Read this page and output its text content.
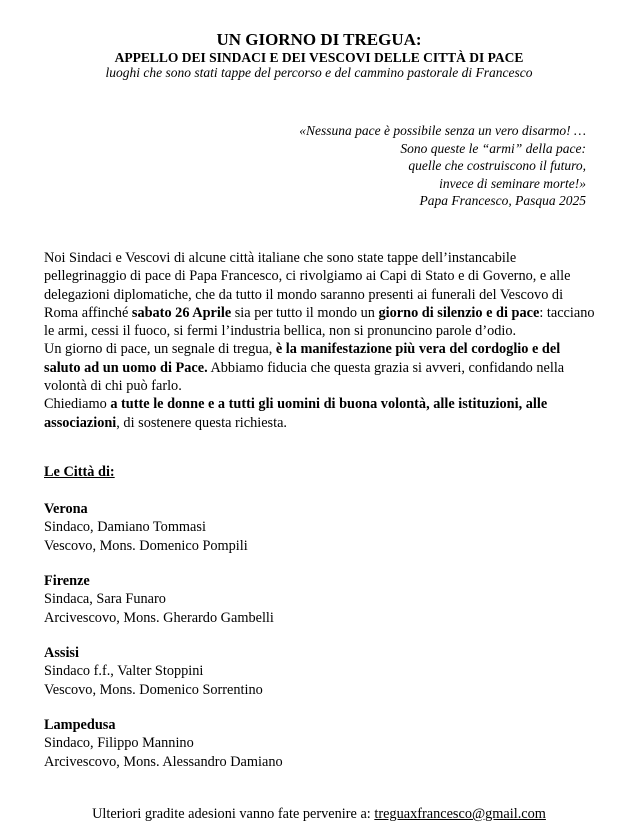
UN GIORNO DI TREGUA:
APPELLO DEI SINDACI E DEI VESCOVI DELLE CITTÀ DI PACE
luoghi che sono stati tappe del percorso e del cammino pastorale di Francesco
«Nessuna pace è possibile senza un vero disarmo! …
Sono queste le “armi” della pace:
quelle che costruiscono il futuro,
invece di seminare morte!»
Papa Francesco, Pasqua 2025

Noi Sindaci e Vescovi di alcune città italiane che sono state tappe dell’instancabile pellegrinaggio di pace di Papa Francesco, ci rivolgiamo ai Capi di Stato e di Governo, e alle delegazioni diplomatiche, che da tutto il mondo saranno presenti ai funerali del Vescovo di Roma affinché sabato 26 Aprile sia per tutto il mondo un giorno di silenzio e di pace: tacciano le armi, cessi il fuoco, si fermi l’industria bellica, non si pronuncino parole d’odio.

Un giorno di pace, un segnale di tregua, è la manifestazione più vera del cordoglio e del saluto ad un uomo di Pace. Abbiamo fiducia che questa grazia si avveri, confidando nella volontà di chi può farlo.

Chiediamo a tutte le donne e a tutti gli uomini di buona volontà, alle istituzioni, alle associazioni, di sostenere questa richiesta.

Le Città di:
Verona
Sindaco, Damiano Tommasi
Vescovo, Mons. Domenico Pompili
Firenze
Sindaca, Sara Funaro
Arcivescovo, Mons. Gherardo Gambelli
Assisi
Sindaco f.f., Valter Stoppini
Vescovo, Mons. Domenico Sorrentino
Lampedusa
Sindaco, Filippo Mannino
Arcivescovo, Mons. Alessandro Damiano
Ulteriori gradite adesioni vanno fate pervenire a: treguaxfrancesco@gmail.com
